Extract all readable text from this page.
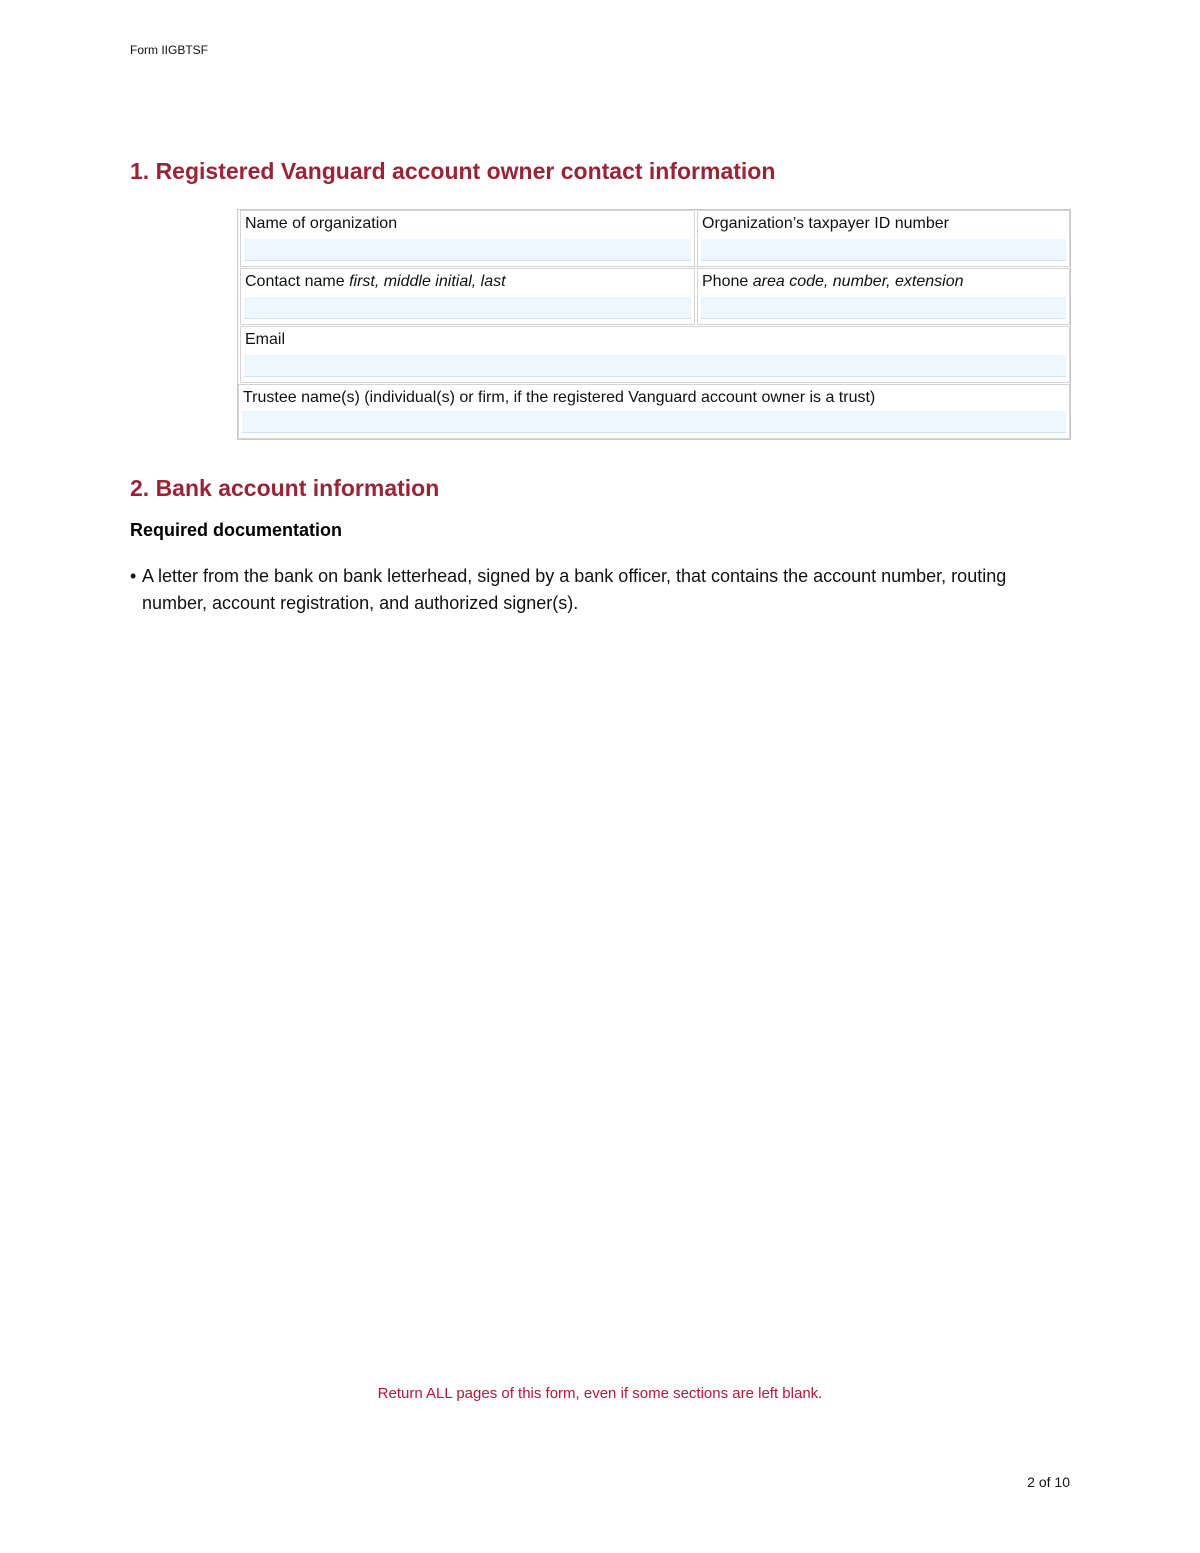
Form IIGBTSF
1. Registered Vanguard account owner contact information
Name of organization	Organization’s taxpayer ID number
Contact name first, middle initial, last	Phone area code, number, extension
Email
Trustee name(s) (individual(s) or firm, if the registered Vanguard account owner is a trust)
2. Bank account information
Required documentation
• A letter from the bank on bank letterhead, signed by a bank officer, that contains the account number, routing number, account registration, and authorized signer(s).
Return ALL pages of this form, even if some sections are left blank.
2 of 10
